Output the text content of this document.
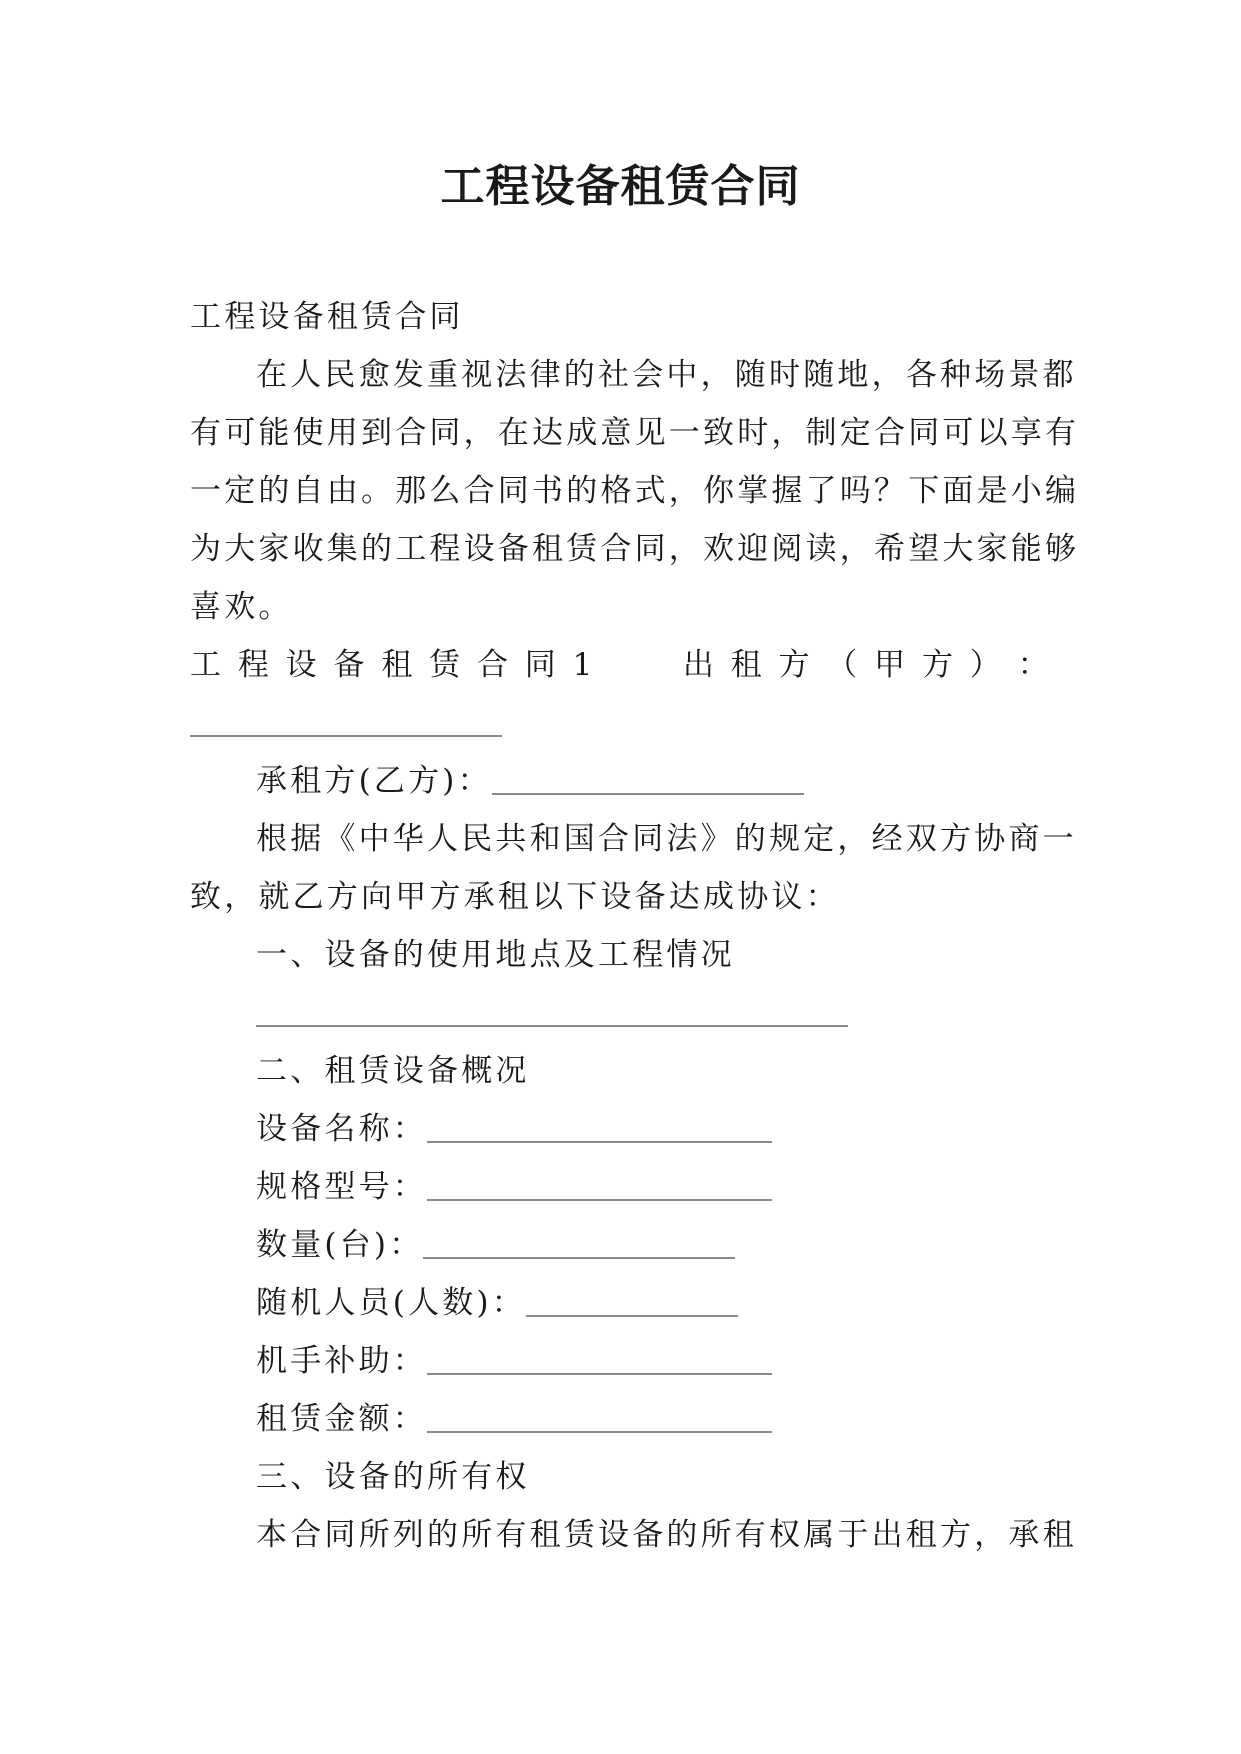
工程设备租赁合同
工程设备租赁合同
在人民愈发重视法律的社会中，随时随地，各种场景都
有可能使用到合同，在达成意见一致时，制定合同可以享有
一定的自由。那么合同书的格式，你掌握了吗？下面是小编
为大家收集的工程设备租赁合同，欢迎阅读，希望大家能够
喜欢。
工 程 设 备 租 赁 合 同 1	出 租 方 （ 甲 方 ） ：
承租方(乙方)：
根据《中华人民共和国合同法》的规定，经双方协商一
致，就乙方向甲方承租以下设备达成协议：
一、设备的使用地点及工程情况
二、租赁设备概况
设备名称：
规格型号：
数量(台)：
随机人员(人数)：
机手补助：
租赁金额：
三、设备的所有权
本合同所列的所有租赁设备的所有权属于出租方，承租
